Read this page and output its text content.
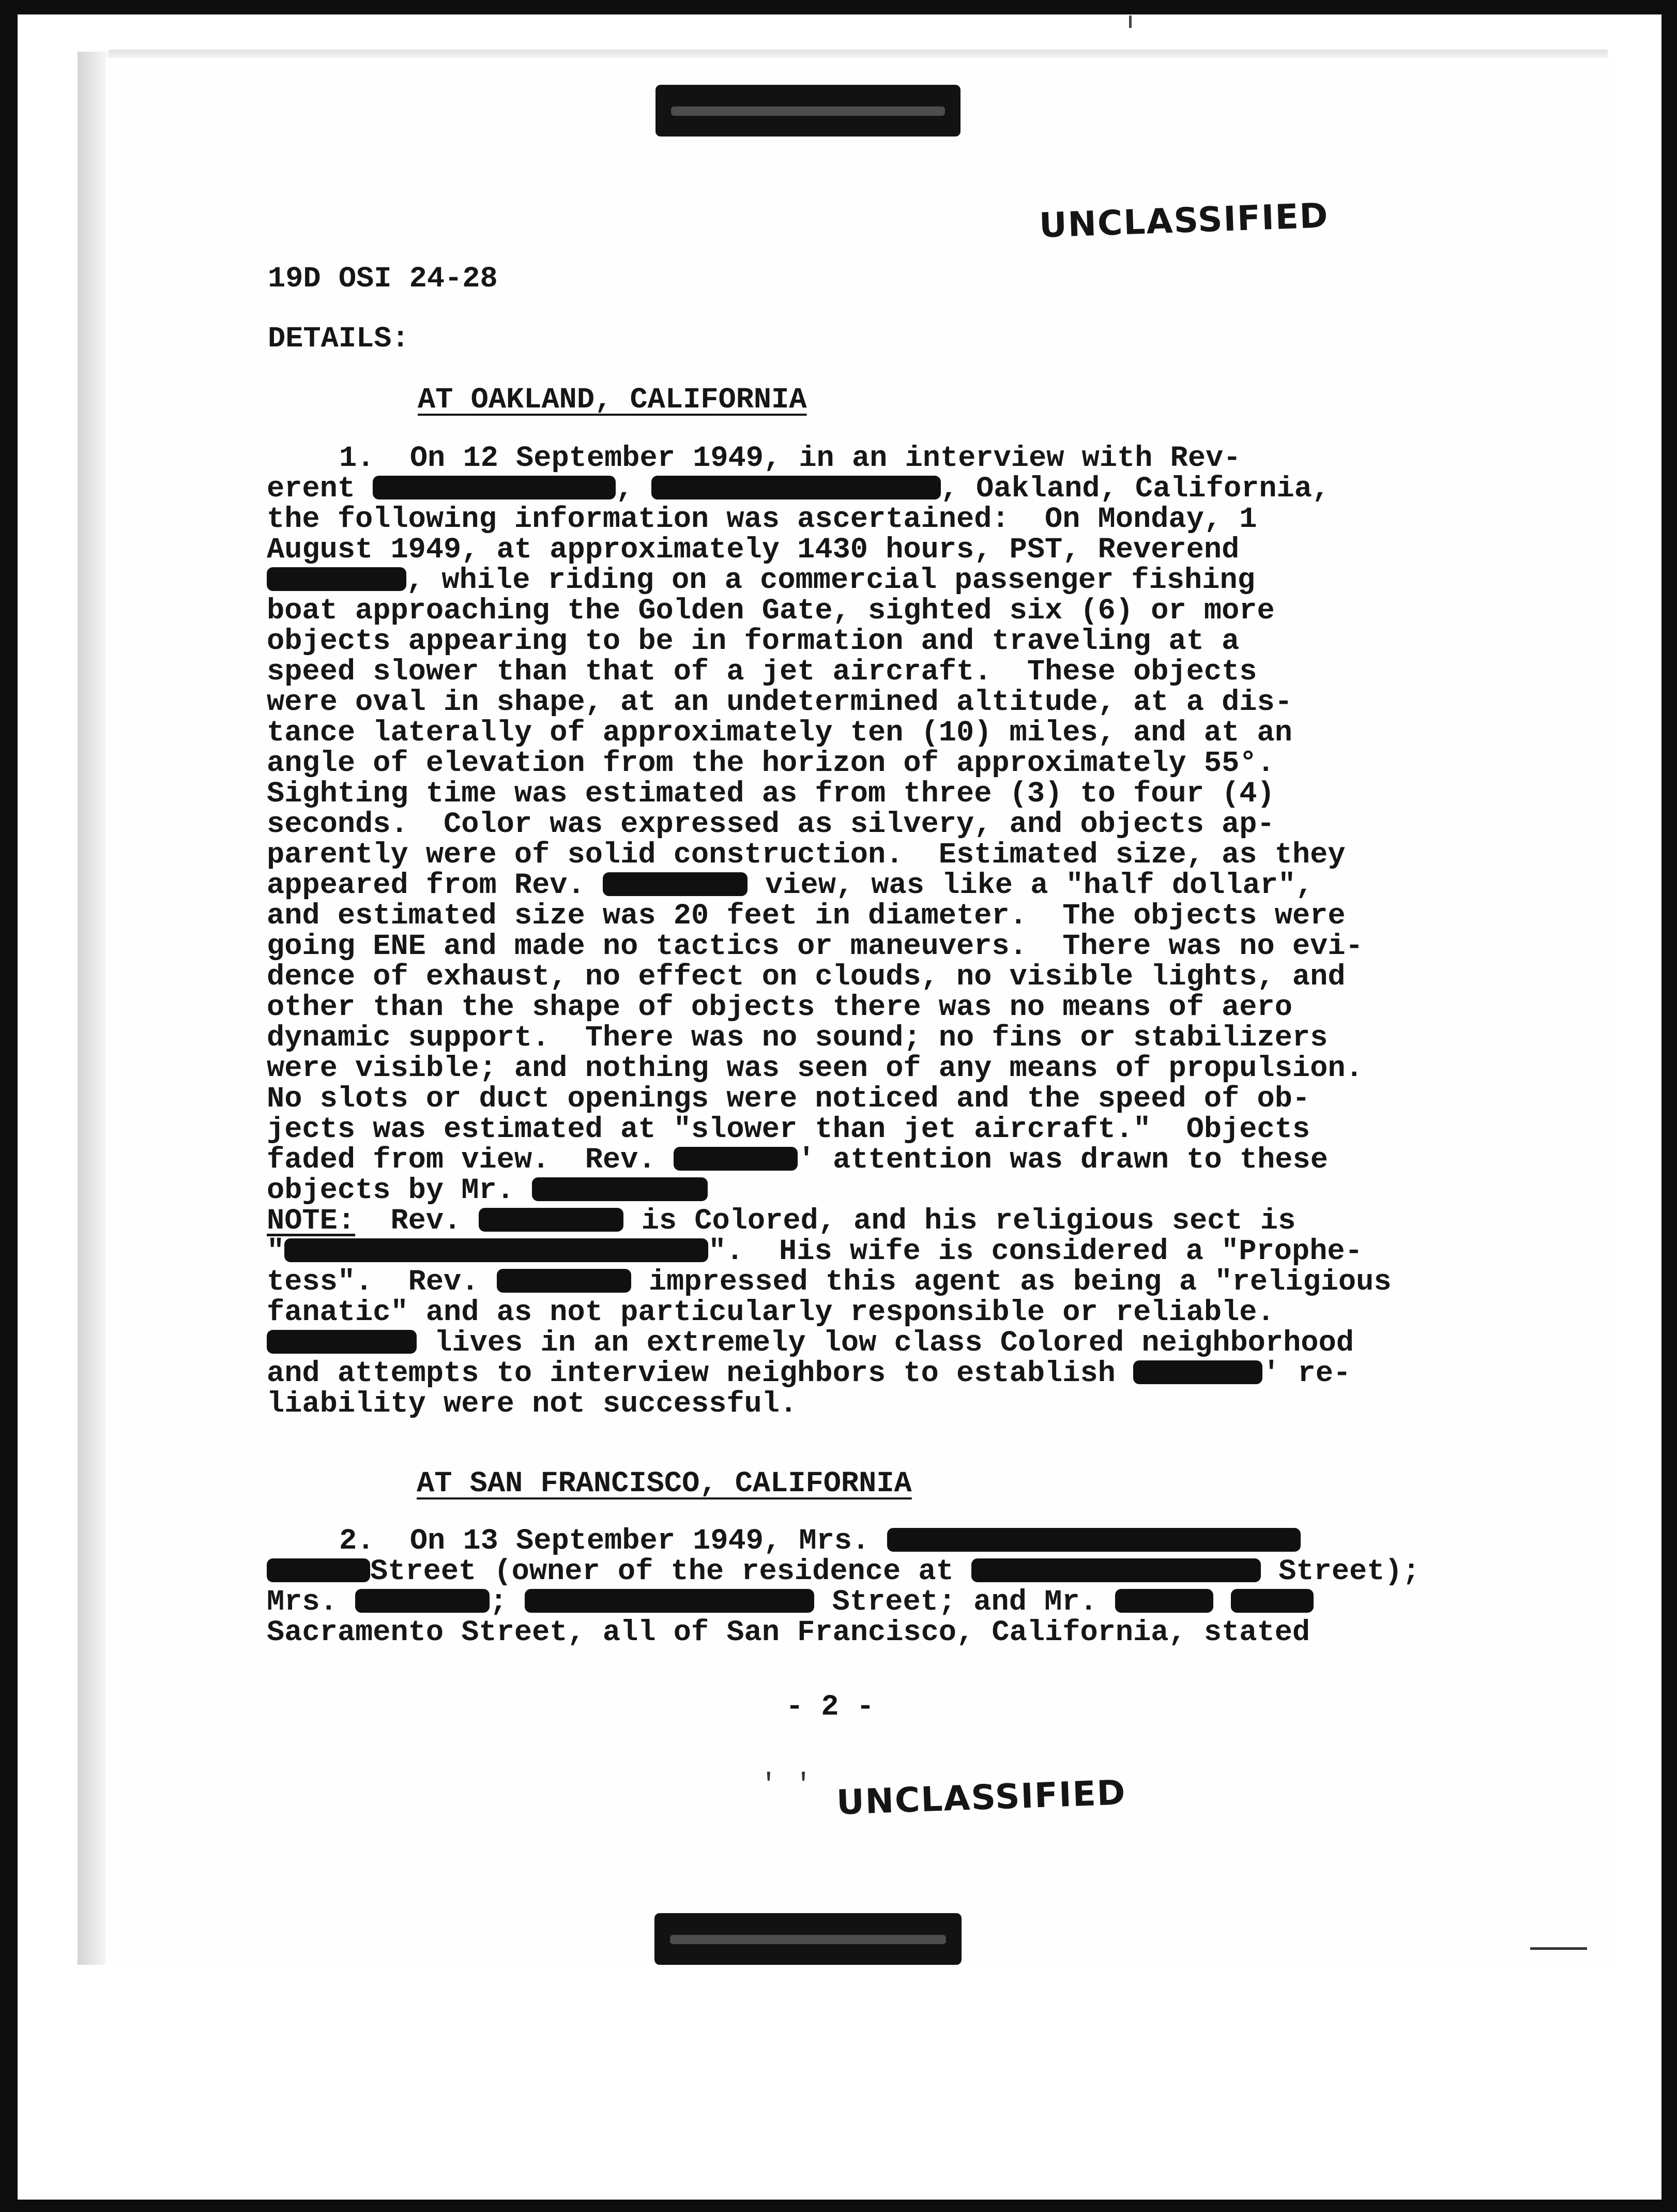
UNCLASSIFIED
19D OSI 24-28
DETAILS:
AT OAKLAND, CALIFORNIA
1.  On 12 September 1949, in an interview with Rev-
erent	,	, Oakland, California,
the following information was ascertained:  On Monday, 1
August 1949, at approximately 1430 hours, PST, Reverend
, while riding on a commercial passenger fishing
boat approaching the Golden Gate, sighted six (6) or more
objects appearing to be in formation and traveling at a
speed slower than that of a jet aircraft.  These objects
were oval in shape, at an undetermined altitude, at a dis-
tance laterally of approximately ten (10) miles, and at an
angle of elevation from the horizon of approximately 55°.
Sighting time was estimated as from three (3) to four (4)
seconds.  Color was expressed as silvery, and objects ap-
parently were of solid construction.  Estimated size, as they
appeared from Rev.	view, was like a "half dollar",
and estimated size was 20 feet in diameter.  The objects were
going ENE and made no tactics or maneuvers.  There was no evi-
dence of exhaust, no effect on clouds, no visible lights, and
other than the shape of objects there was no means of aero
dynamic support.  There was no sound; no fins or stabilizers
were visible; and nothing was seen of any means of propulsion.
No slots or duct openings were noticed and the speed of ob-
jects was estimated at "slower than jet aircraft."  Objects
faded from view.  Rev.	' attention was drawn to these
objects by Mr.
NOTE:  Rev.	is Colored, and his religious sect is
"	".  His wife is considered a "Prophe-
tess".  Rev.	impressed this agent as being a "religious
fanatic" and as not particularly responsible or reliable.
lives in an extremely low class Colored neighborhood
and attempts to interview neighbors to establish	' re-
liability were not successful.
AT SAN FRANCISCO, CALIFORNIA
2.  On 13 September 1949, Mrs.
Street (owner of the residence at	Street);
Mrs.	;	Street; and Mr.
Sacramento Street, all of San Francisco, California, stated
- 2 -
' ' UNCLASSIFIED
